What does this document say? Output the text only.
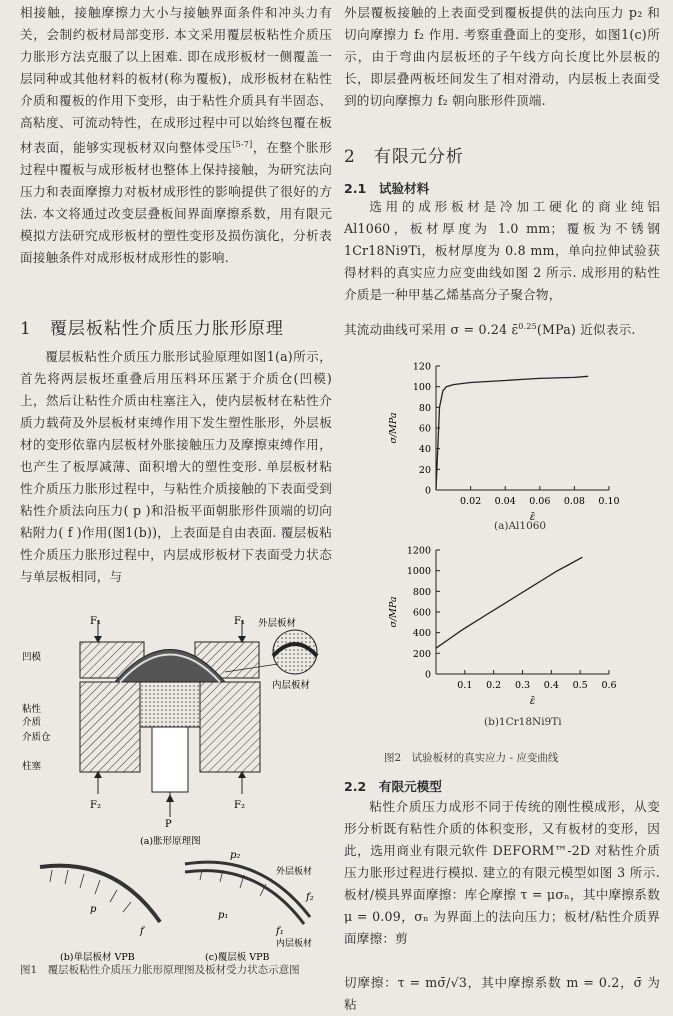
相接触，接触摩擦力大小与接触界面条件和冲头力有关，会制约板材局部变形. 本文采用覆层板粘性介质压力胀形方法克服了以上困难. 即在成形板材一侧覆盖一层同种或其他材料的板材(称为覆板)，成形板材在粘性介质和覆板的作用下变形，由于粘性介质具有半固态、高粘度、可流动特性，在成形过程中可以始终包覆在板材表面，能够实现板材双向整体受压[5-7]，在整个胀形过程中覆板与成形板材也整体上保持接触，为研究法向压力和表面摩擦力对板材成形性的影响提供了很好的方法. 本文将通过改变层叠板间界面摩擦系数，用有限元模拟方法研究成形板材的塑性变形及损伤演化，分析表面接触条件对成形板材成形性的影响.

1　覆层板粘性介质压力胀形原理

覆层板粘性介质压力胀形试验原理如图1(a)所示，首先将两层板坯重叠后用压料环压紧于介质仓(凹模)上，然后让粘性介质由柱塞注入，使内层板材在粘性介质力载荷及外层板材束缚作用下发生塑性胀形，外层板材的变形依靠内层板材外胀接触压力及摩擦束缚作用，也产生了板厚减薄、面积增大的塑性变形. 单层板材粘性介质压力胀形过程中，与粘性介质接触的下表面受到粘性介质法向压力( p )和沿板平面朝胀形件顶端的切向粘附力( f )作用(图1(b))，上表面是自由表面. 覆层板粘性介质压力胀形过程中，内层成形板材下表面受力状态与单层板相同，与

F₁	F₁
F₂	F₂
P
外层板材
内层板材
凹模
粘性
介质
介质仓
柱塞
(a)胀形原理图
p
f
(b)单层板材 VPB
p₂
f₂
p₁
f₁
外层板材
内层板材
(c)覆层板 VPB
图1　覆层板粘性介质压力胀形原理图及板材受力状态示意图

外层覆板接触的上表面受到覆板提供的法向压力 p₂ 和切向摩擦力 f₂ 作用. 考察重叠面上的变形，如图1(c)所示，由于弯曲内层板坯的子午线方向长度比外层板的长，即层叠两板坯间发生了相对滑动，内层板上表面受到的切向摩擦力 f₂ 朝向胀形件顶端.

2　有限元分析
2.1　试验材料

选用的成形板材是冷加工硬化的商业纯铝 Al1060，板材厚度为 1.0 mm；覆板为不锈钢 1Cr18Ni9Ti，板材厚度为 0.8 mm，单向拉伸试验获得材料的真实应力应变曲线如图 2 所示. 成形用的粘性介质是一种甲基乙烯基高分子聚合物，

其流动曲线可采用 σ = 0.24 ε̄$^{0.25}$(MPa) 近似表示.

0
20
40
60
80
100
120
0.02 0.04 0.06 0.08 0.10
σ/MPa
ε̄
(a)Al1060
0
200
400
600
800
1000
1200
0.1 0.2 0.3 0.4 0.5 0.6
σ/MPa
ε̄
(b)1Cr18Ni9Ti
图2　试验板材的真实应力 - 应变曲线
2.2　有限元模型

粘性介质压力成形不同于传统的刚性模成形，从变形分析既有粘性介质的体积变形，又有板材的变形，因此，选用商业有限元软件 DEFORM™-2D 对粘性介质压力胀形过程进行模拟. 建立的有限元模型如图 3 所示. 板材/模具界面摩擦：库仑摩擦 τ = μσₙ，其中摩擦系数 μ = 0.09，σₙ 为界面上的法向压力；板材/粘性介质界面摩擦：剪

切摩擦：τ = mσ̄/√3，其中摩擦系数 m = 0.2，σ̄ 为粘
